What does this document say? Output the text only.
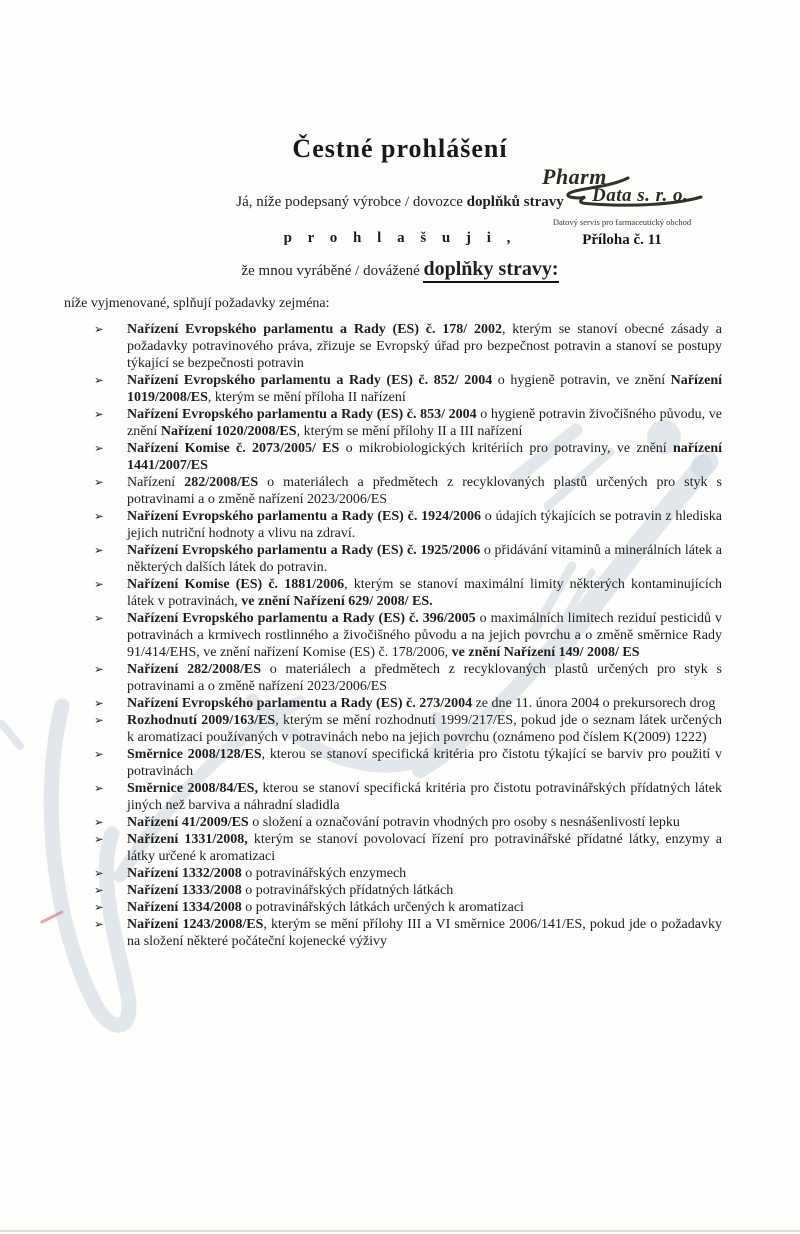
Pharm
Data s. r. o.
Datový servis pro farmaceutický obchod
Příloha č. 11
Čestné prohlášení
Já, níže podepsaný výrobce / dovozce doplňků stravy
p r o h l a š u j i ,
že mnou vyráběné / dovážené doplňky stravy:
níže vyjmenované, splňují požadavky zejména:
➢	Nařízení Evropského parlamentu a Rady (ES) č. 178/ 2002, kterým se stanoví obecné zásady a požadavky potravinového práva, zřizuje se Evropský úřad pro bezpečnost potravin a stanoví se postupy týkající se bezpečnosti potravin
➢	Nařízení Evropského parlamentu a Rady (ES) č. 852/ 2004 o hygieně potravin, ve znění Nařízení 1019/2008/ES, kterým se mění příloha II nařízení
➢	Nařízení Evropského parlamentu a Rady (ES) č. 853/ 2004 o hygieně potravin živočišného původu, ve znění Nařízení 1020/2008/ES, kterým se mění přílohy II a III nařízení
➢	Nařízení Komise č. 2073/2005/ ES o mikrobiologických kritériích pro potraviny, ve znění nařízení 1441/2007/ES
➢	Nařízení 282/2008/ES o materiálech a předmětech z recyklovaných plastů určených pro styk s potravinami a o změně nařízení 2023/2006/ES
➢	Nařízení Evropského parlamentu a Rady (ES) č. 1924/2006 o údajích týkajících se potravin z hlediska jejich nutriční hodnoty a vlivu na zdraví.
➢	Nařízení Evropského parlamentu a Rady (ES) č. 1925/2006 o přidávání vitaminů a minerálních látek a některých dalších látek do potravin.
➢	Nařízení Komise (ES) č. 1881/2006, kterým se stanoví maximální limity některých kontaminujících látek v potravinách, ve znění Nařízení 629/ 2008/ ES.
➢	Nařízení Evropského parlamentu a Rady (ES) č. 396/2005 o maximálních limitech reziduí pesticidů v potravinách a krmivech rostlinného a živočišného původu a na jejich povrchu a o změně směrnice Rady 91/414/EHS, ve znění nařízení Komise (ES) č. 178/2006, ve znění Nařízení 149/ 2008/ ES
➢	Nařízení 282/2008/ES o materiálech a předmětech z recyklovaných plastů určených pro styk s potravinami a o změně nařízení 2023/2006/ES
➢	Nařízení Evropského parlamentu a Rady (ES) č. 273/2004 ze dne 11. února 2004 o prekursorech drog
➢	Rozhodnutí 2009/163/ES, kterým se mění rozhodnutí 1999/217/ES, pokud jde o seznam látek určených k aromatizaci používaných v potravinách nebo na jejich povrchu (oznámeno pod číslem K(2009) 1222)
➢	Směrnice 2008/128/ES, kterou se stanoví specifická kritéria pro čistotu týkající se barviv pro použití v potravinách
➢	Směrnice 2008/84/ES, kterou se stanoví specifická kritéria pro čistotu potravinářských přídatných látek jiných než barviva a náhradní sladidla
➢	Nařízení 41/2009/ES o složení a označování potravin vhodných pro osoby s nesnášenlivostí lepku
➢	Nařízení 1331/2008, kterým se stanoví povolovací řízení pro potravinářské přídatné látky, enzymy a látky určené k aromatizaci
➢	Nařízení 1332/2008 o potravinářských enzymech
➢	Nařízení 1333/2008 o potravinářských přídatných látkách
➢	Nařízení 1334/2008 o potravinářských látkách určených k aromatizaci
➢	Nařízení 1243/2008/ES, kterým se mění přílohy III a VI směrnice 2006/141/ES, pokud jde o požadavky na složení některé počáteční kojenecké výživy
